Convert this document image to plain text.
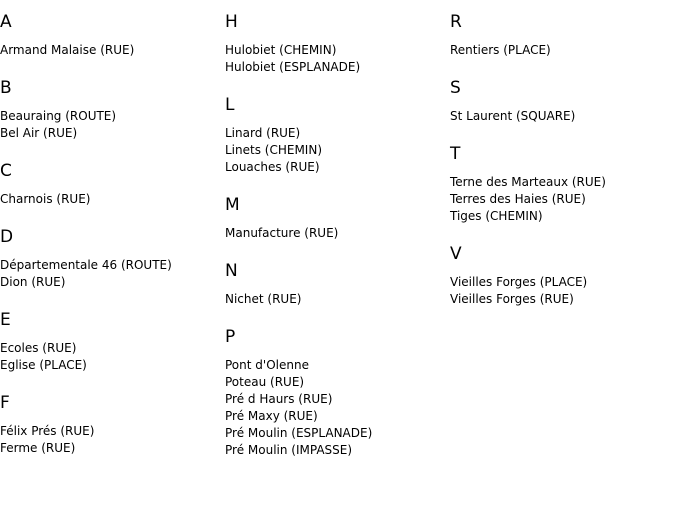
A
Armand Malaise (RUE)
B
Beauraing (ROUTE)
Bel Air (RUE)
C
Charnois (RUE)
D
Départementale 46 (ROUTE)
Dion (RUE)
E
Ecoles (RUE)
Eglise (PLACE)
F
Félix Prés (RUE)
Ferme (RUE)
H
Hulobiet (CHEMIN)
Hulobiet (ESPLANADE)
L
Linard (RUE)
Linets (CHEMIN)
Louaches (RUE)
M
Manufacture (RUE)
N
Nichet (RUE)
P
Pont d'Olenne
Poteau (RUE)
Pré d Haurs (RUE)
Pré Maxy (RUE)
Pré Moulin (ESPLANADE)
Pré Moulin (IMPASSE)
R
Rentiers (PLACE)
S
St Laurent (SQUARE)
T
Terne des Marteaux (RUE)
Terres des Haies (RUE)
Tiges (CHEMIN)
V
Vieilles Forges (PLACE)
Vieilles Forges (RUE)
